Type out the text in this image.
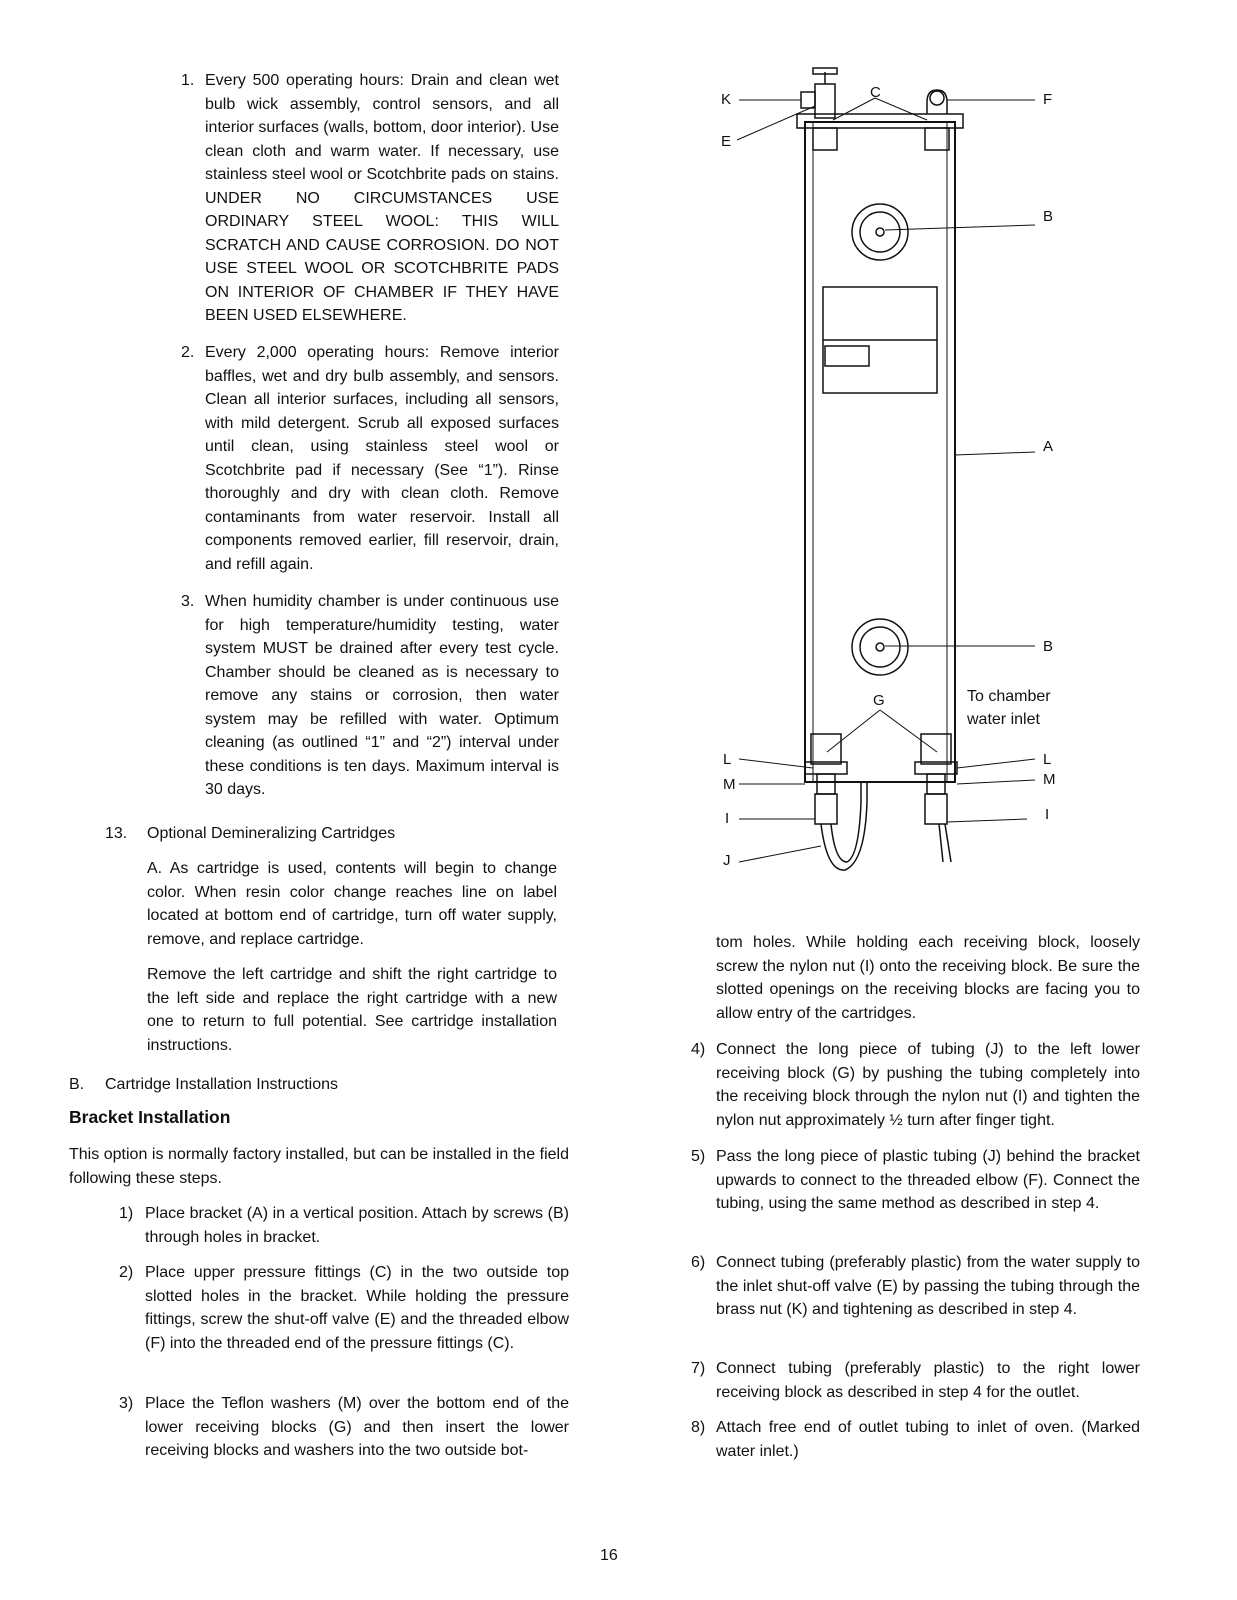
1. Every 500 operating hours: Drain and clean wet bulb wick assembly, control sensors, and all interior surfaces (walls, bottom, door interior). Use clean cloth and warm water. If necessary, use stainless steel wool or Scotchbrite pads on stains. UNDER NO CIRCUMSTANCES USE ORDINARY STEEL WOOL: THIS WILL SCRATCH AND CAUSE CORROSION. DO NOT USE STEEL WOOL OR SCOTCHBRITE PADS ON INTERIOR OF CHAMBER IF THEY HAVE BEEN USED ELSEWHERE.

2. Every 2,000 operating hours: Remove interior baffles, wet and dry bulb assembly, and sensors. Clean all interior surfaces, including all sensors, with mild detergent. Scrub all exposed surfaces until clean, using stainless steel wool or Scotchbrite pad if necessary (See “1”). Rinse thoroughly and dry with clean cloth. Remove contaminants from water reservoir. Install all components removed earlier, fill reservoir, drain, and refill again.

3. When humidity chamber is under continuous use for high temperature/humidity testing, water system MUST be drained after every test cycle. Chamber should be cleaned as is necessary to remove any stains or corrosion, then water system may be refilled with water. Optimum cleaning (as outlined “1” and “2”) interval under these conditions is ten days. Maximum interval is 30 days.

13. Optional Demineralizing Cartridges

A. As cartridge is used, contents will begin to change color. When resin color change reaches line on label located at bottom end of cartridge, turn off water supply, remove, and replace cartridge.

Remove the left cartridge and shift the right cartridge to the left side and replace the right cartridge with a new one to return to full potential. See cartridge installation instructions.

B. Cartridge Installation Instructions
Bracket Installation

This option is normally factory installed, but can be installed in the field following these steps.

1) Place bracket (A) in a vertical position. Attach by screws (B) through holes in bracket.

2) Place upper pressure fittings (C) in the two outside top slotted holes in the bracket. While holding the pressure fittings, screw the shut-off valve (E) and the threaded elbow (F) into the threaded end of the pressure fittings (C).

3) Place the Teflon washers (M) over the bottom end of the lower receiving blocks (G) and then insert the lower receiving blocks and washers into the two outside bot-

tom holes. While holding each receiving block, loosely screw the nylon nut (I) onto the receiving block. Be sure the slotted openings on the receiving blocks are facing you to allow entry of the cartridges.

4) Connect the long piece of tubing (J) to the left lower receiving block (G) by pushing the tubing completely into the receiving block through the nylon nut (I) and tighten the nylon nut approximately ½ turn after finger tight.

5) Pass the long piece of plastic tubing (J) behind the bracket upwards to connect to the threaded elbow (F). Connect the tubing, using the same method as described in step 4.

6) Connect tubing (preferably plastic) from the water supply to the inlet shut-off valve (E) by passing the tubing through the brass nut (K) and tightening as described in step 4.

7) Connect tubing (preferably plastic) to the right lower receiving block as described in step 4 for the outlet.

8) Attach free end of outlet tubing to inlet of oven. (Marked water inlet.)

K
E
C	F
B
A
B
G	To chamber
water inlet
L
M
I
J
L
M
I
16
